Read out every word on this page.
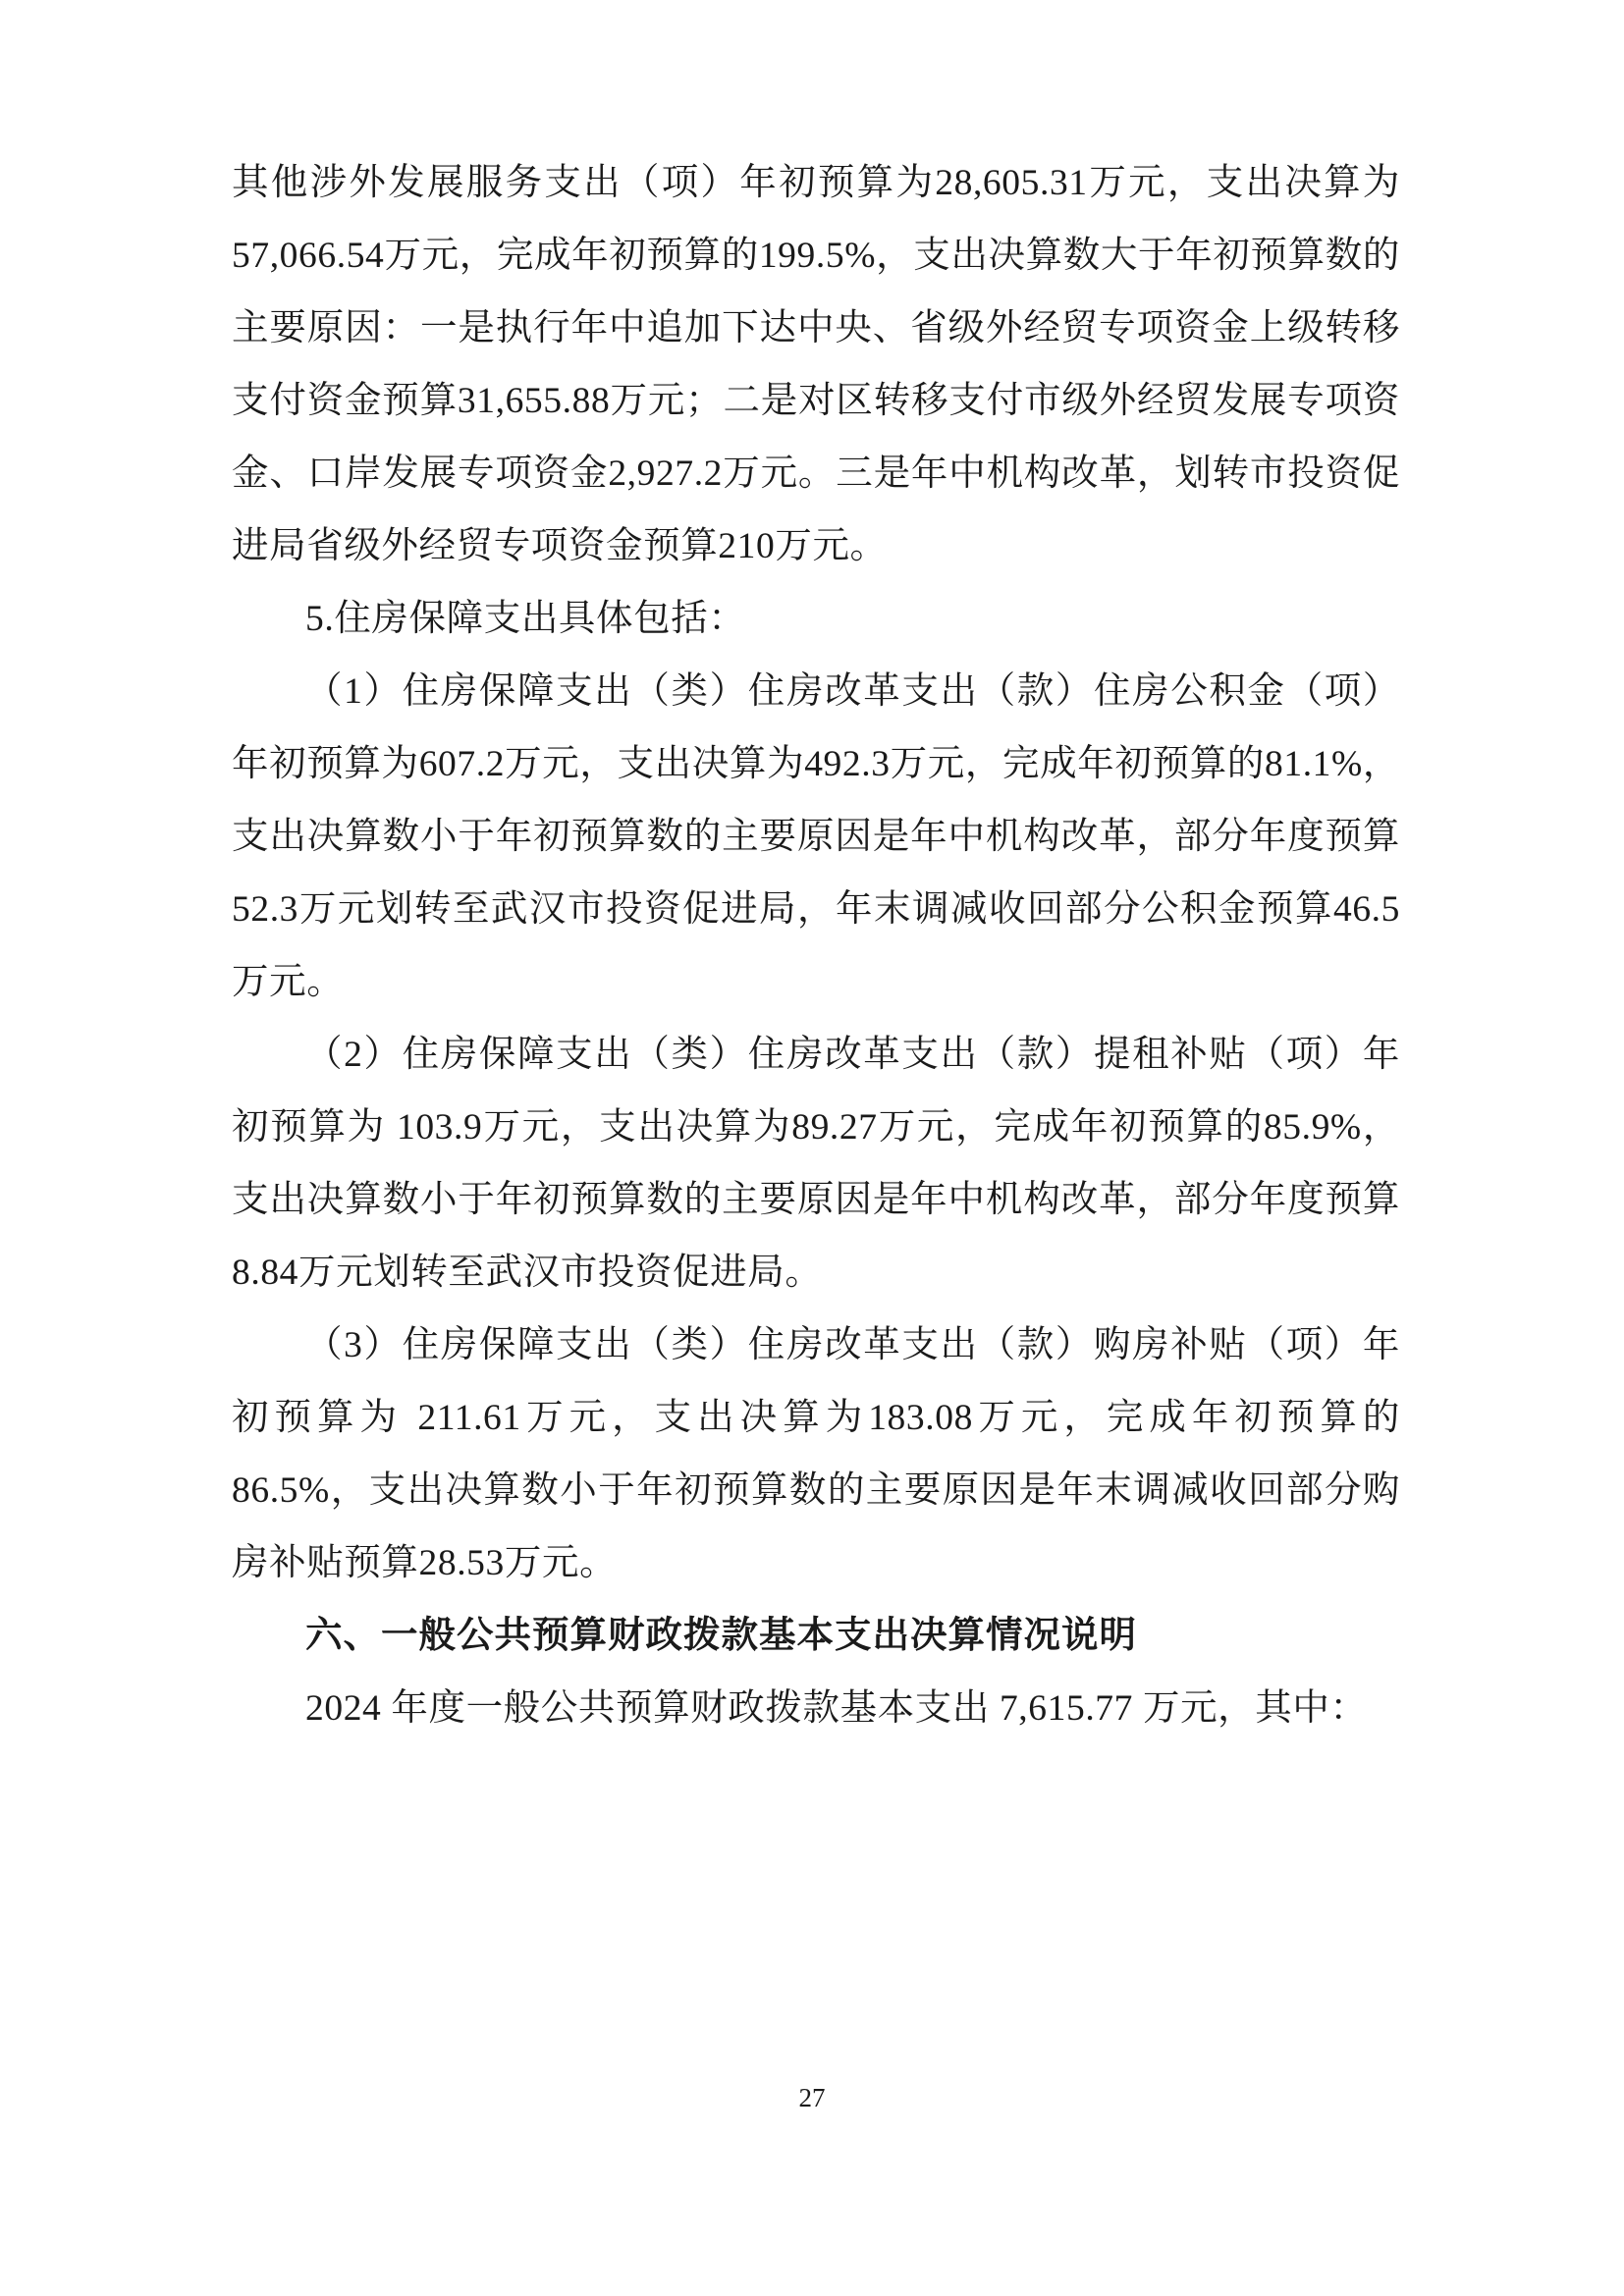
其他涉外发展服务支出（项）年初预算为28,605.31万元，支出决算为57,066.54万元，完成年初预算的199.5%，支出决算数大于年初预算数的主要原因：一是执行年中追加下达中央、省级外经贸专项资金上级转移支付资金预算31,655.88万元；二是对区转移支付市级外经贸发展专项资金、口岸发展专项资金2,927.2万元。三是年中机构改革，划转市投资促进局省级外经贸专项资金预算210万元。

5.住房保障支出具体包括：

（1）住房保障支出（类）住房改革支出（款）住房公积金（项）年初预算为607.2万元，支出决算为492.3万元，完成年初预算的81.1%，支出决算数小于年初预算数的主要原因是年中机构改革，部分年度预算52.3万元划转至武汉市投资促进局，年末调减收回部分公积金预算46.5万元。

（2）住房保障支出（类）住房改革支出（款）提租补贴（项）年初预算为 103.9万元，支出决算为89.27万元，完成年初预算的85.9%，支出决算数小于年初预算数的主要原因是年中机构改革，部分年度预算8.84万元划转至武汉市投资促进局。

（3）住房保障支出（类）住房改革支出（款）购房补贴（项）年初预算为 211.61万元，支出决算为183.08万元，完成年初预算的86.5%，支出决算数小于年初预算数的主要原因是年末调减收回部分购房补贴预算28.53万元。

六、一般公共预算财政拨款基本支出决算情况说明

2024 年度一般公共预算财政拨款基本支出 7,615.77 万元，其中：

27
